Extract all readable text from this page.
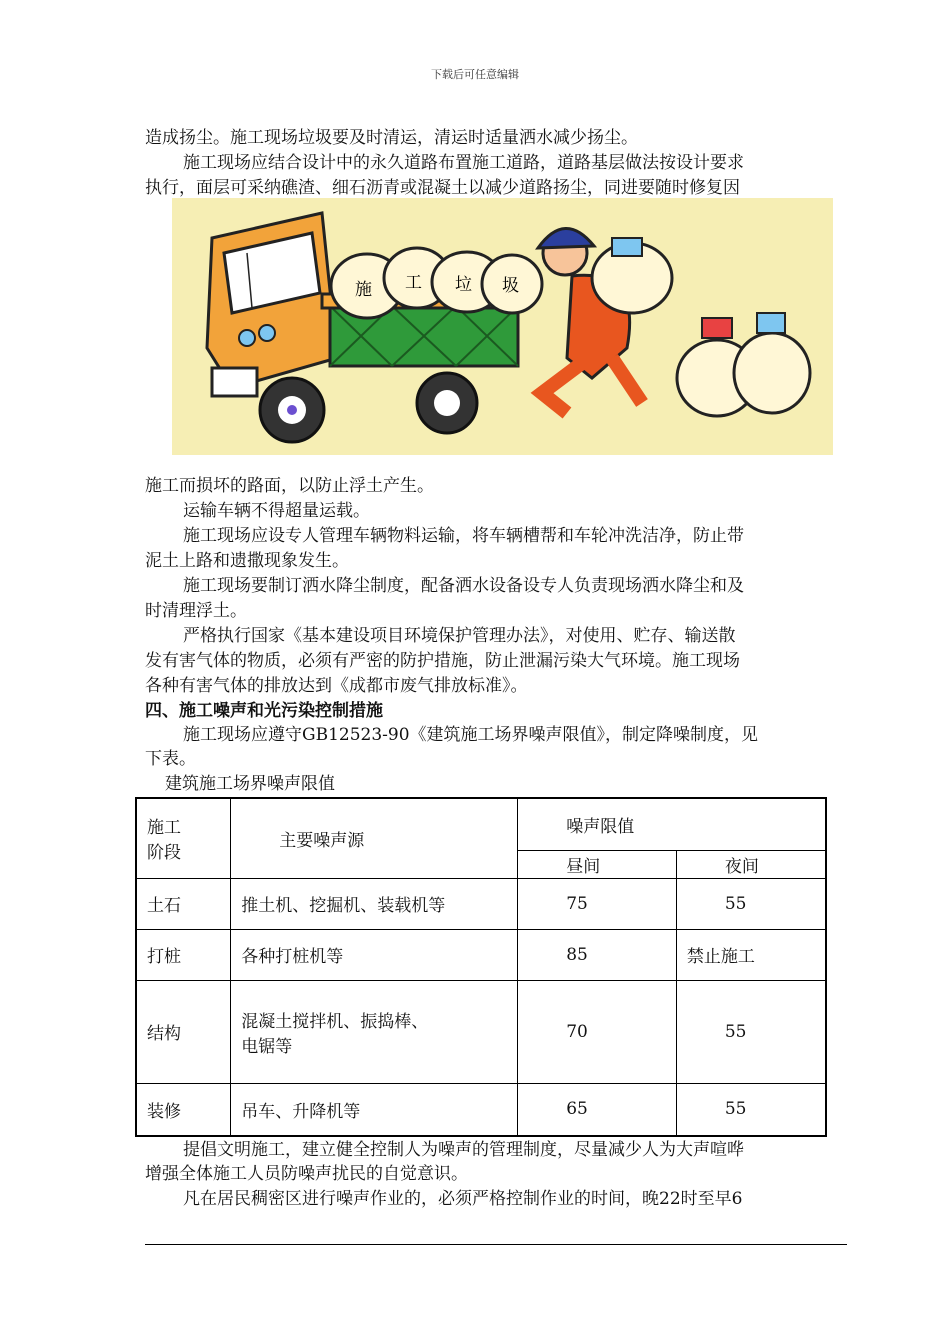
下载后可任意编辑
造成扬尘。施工现场垃圾要及时清运，清运时适量洒水减少扬尘。
施工现场应结合设计中的永久道路布置施工道路，道路基层做法按设计要求
执行，面层可采纳礁渣、细石沥青或混凝土以减少道路扬尘，同进要随时修复因
施 工 垃 圾
施工而损坏的路面，以防止浮土产生。
运输车辆不得超量运载。
施工现场应设专人管理车辆物料运输，将车辆槽帮和车轮冲洗洁净，防止带
泥土上路和遗撒现象发生。
施工现场要制订洒水降尘制度，配备洒水设备设专人负责现场洒水降尘和及
时清理浮土。
严格执行国家《基本建设项目环境保护管理办法》，对使用、贮存、输送散
发有害气体的物质，必须有严密的防护措施，防止泄漏污染大气环境。施工现场
各种有害气体的排放达到《成都市废气排放标准》。
四、施工噪声和光污染控制措施
施工现场应遵守GB12523-90《建筑施工场界噪声限值》，制定降噪制度，见
下表。
建筑施工场界噪声限值
施工
阶段	主要噪声源	噪声限值	
		昼间	夜间
土石	推土机、挖掘机、装载机等	75	55
打桩	各种打桩机等	85	禁止施工
结构	混凝土搅拌机、振捣棒、
电锯等	70	55
装修	吊车、升降机等	65	55
提倡文明施工，建立健全控制人为噪声的管理制度，尽量减少人为大声喧哗
增强全体施工人员防噪声扰民的自觉意识。
凡在居民稠密区进行噪声作业的，必须严格控制作业的时间，晚22时至早6
